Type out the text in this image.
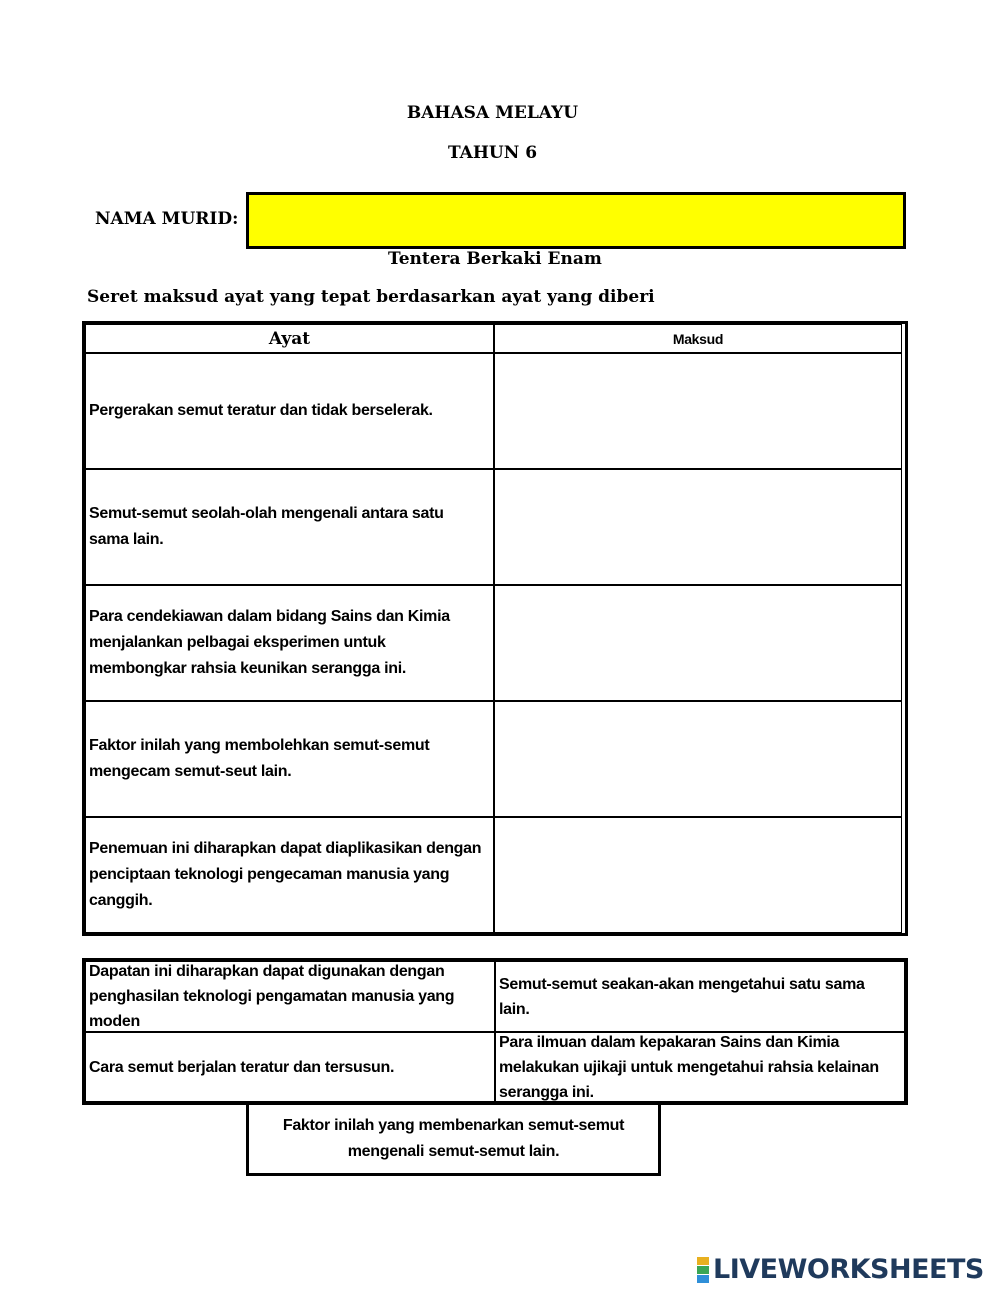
BAHASA MELAYU
TAHUN 6
NAMA MURID:
Tentera Berkaki Enam
Seret maksud ayat yang tepat berdasarkan ayat yang diberi
Ayat	Maksud
Pergerakan semut teratur dan tidak berselerak.
Semut-semut seolah-olah mengenali antara satu sama lain.
Para cendekiawan dalam bidang Sains dan Kimia menjalankan pelbagai eksperimen untuk membongkar rahsia keunikan serangga ini.
Faktor inilah yang membolehkan semut-semut mengecam semut-seut lain.
Penemuan ini diharapkan dapat diaplikasikan dengan penciptaan teknologi pengecaman manusia yang canggih.
Dapatan ini diharapkan dapat digunakan dengan penghasilan teknologi pengamatan manusia yang moden
Semut-semut seakan-akan mengetahui satu sama lain.
Cara semut berjalan teratur dan tersusun.
Para ilmuan dalam kepakaran Sains dan Kimia melakukan ujikaji untuk mengetahui rahsia kelainan serangga ini.
Faktor inilah yang membenarkan semut-semut mengenali semut-semut lain.
LIVEWORKSHEETS
